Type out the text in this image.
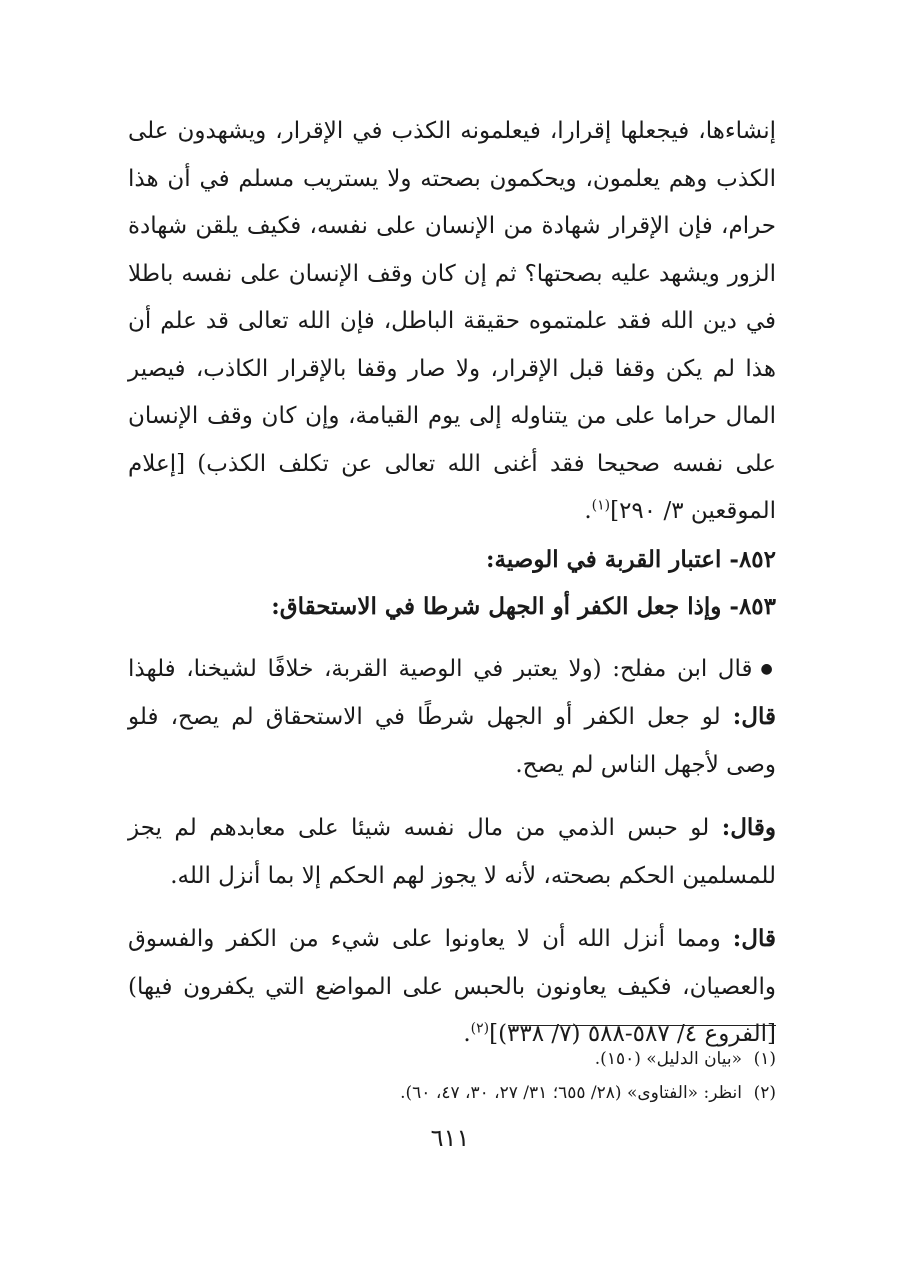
إنشاءها، فيجعلها إقرارا، فيعلمونه الكذب في الإقرار، ويشهدون على الكذب وهم يعلمون، ويحكمون بصحته ولا يستريب مسلم في أن هذا حرام، فإن الإقرار شهادة من الإنسان على نفسه، فكيف يلقن شهادة الزور ويشهد عليه بصحتها؟ ثم إن كان وقف الإنسان على نفسه باطلا في دين الله فقد علمتموه حقيقة الباطل، فإن الله تعالى قد علم أن هذا لم يكن وقفا قبل الإقرار، ولا صار وقفا بالإقرار الكاذب، فيصير المال حراما على من يتناوله إلى يوم القيامة، وإن كان وقف الإنسان على نفسه صحيحا فقد أغنى الله تعالى عن تكلف الكذب) [إعلام الموقعين ٣/ ٢٩٠]$^{(١)}$.

٨٥٢- اعتبار القربة في الوصية:

٨٥٣- وإذا جعل الكفر أو الجهل شرطا في الاستحقاق:

●قال ابن مفلح: (ولا يعتبر في الوصية القربة، خلافًا لشيخنا، فلهذا قال: لو جعل الكفر أو الجهل شرطًا في الاستحقاق لم يصح، فلو وصى لأجهل الناس لم يصح.

وقال: لو حبس الذمي من مال نفسه شيئا على معابدهم لم يجز للمسلمين الحكم بصحته، لأنه لا يجوز لهم الحكم إلا بما أنزل الله.

قال: ومما أنزل الله أن لا يعاونوا على شيء من الكفر والفسوق والعصيان، فكيف يعاونون بالحبس على المواضع التي يكفرون فيها) [الفروع ٤/ ٥٨٧-٥٨٨ (٧/ ٣٣٨)]$^{(٢)}$.

(١)«بيان الدليل» (١٥٠).
(٢)انظر: «الفتاوى» (٢٨/ ٦٥٥؛ ٣١/ ٢٧، ٣٠، ٤٧، ٦٠).
٦١١
